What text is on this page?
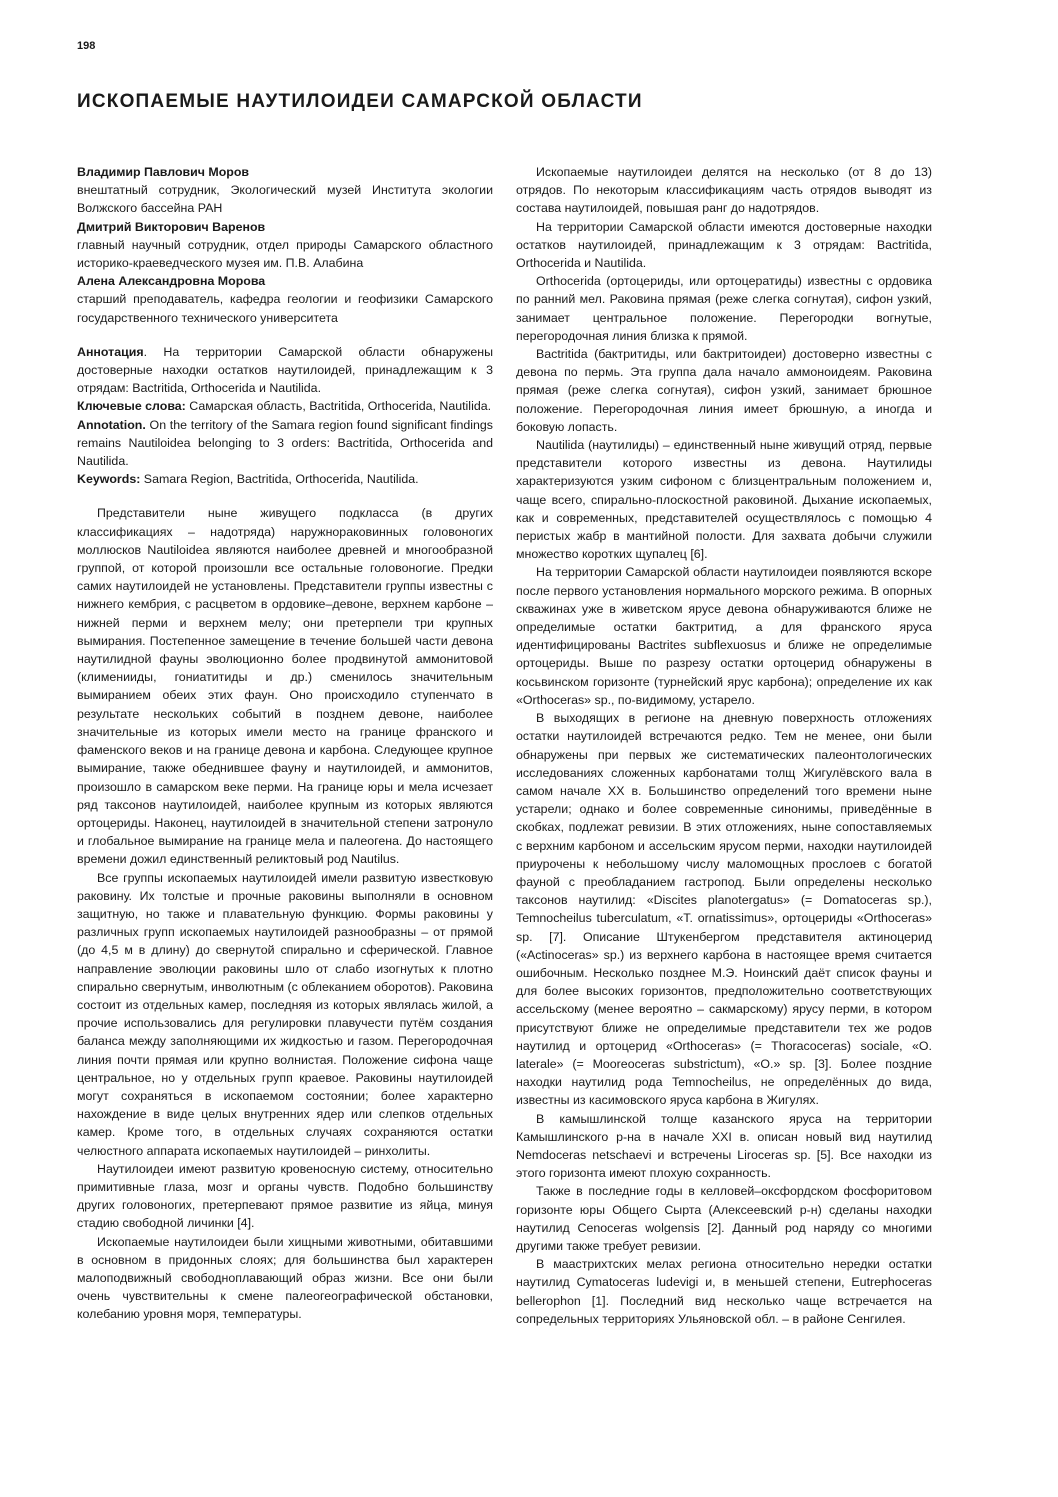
198
ИСКОПАЕМЫЕ НАУТИЛОИДЕИ САМАРСКОЙ ОБЛАСТИ

Владимир Павлович Моров

внештатный сотрудник, Экологический музей Института экологии Волжского бассейна РАН

Дмитрий Викторович Варенов

главный научный сотрудник, отдел природы Самарского областного историко-краеведческого музея им. П.В. Алабина

Алена Александровна Морова

старший преподаватель, кафедра геологии и геофизики Самарского государственного технического университета

Аннотация. На территории Самарской области обнаружены достоверные находки остатков наутилоидей, принадлежащим к 3 отрядам: Bactritida, Orthocerida и Nautilida.

Ключевые слова: Самарская область, Bactritida, Orthocerida, Nautilida.

Annotation. On the territory of the Samara region found significant findings remains Nautiloidea belonging to 3 orders: Bactritida, Orthocerida and Nautilida.

Keywords: Samara Region, Bactritida, Orthocerida, Nautilida.

Представители ныне живущего подкласса (в других классификациях – надотряда) наружнораковинных головоногих моллюсков Nautiloidea являются наиболее древней и многообразной группой, от которой произошли все остальные головоногие. Предки самих наутилоидей не установлены. Представители группы известны с нижнего кембрия, с расцветом в ордовике–девоне, верхнем карбоне – нижней перми и верхнем мелу; они претерпели три крупных вымирания. Постепенное замещение в течение большей части девона наутилидной фауны эволюционно более продвинутой аммонитовой (клименииды, гониатитиды и др.) сменилось значительным вымиранием обеих этих фаун. Оно происходило ступенчато в результате нескольких событий в позднем девоне, наиболее значительные из которых имели место на границе франского и фаменского веков и на границе девона и карбона. Следующее крупное вымирание, также обеднившее фауну и наутилоидей, и аммонитов, произошло в самарском веке перми. На границе юры и мела исчезает ряд таксонов наутилоидей, наиболее крупным из которых являются ортоцериды. Наконец, наутилоидей в значительной степени затронуло и глобальное вымирание на границе мела и палеогена. До настоящего времени дожил единственный реликтовый род Nautilus.

Все группы ископаемых наутилоидей имели развитую известковую раковину. Их толстые и прочные раковины выполняли в основном защитную, но также и плавательную функцию. Формы раковины у различных групп ископаемых наутилоидей разнообразны – от прямой (до 4,5 м в длину) до свернутой спирально и сферической. Главное направление эволюции раковины шло от слабо изогнутых к плотно спирально свернутым, инволютным (с облеканием оборотов). Раковина состоит из отдельных камер, последняя из которых являлась жилой, а прочие использовались для регулировки плавучести путём создания баланса между заполняющими их жидкостью и газом. Перегородочная линия почти прямая или крупно волнистая. Положение сифона чаще центральное, но у отдельных групп краевое. Раковины наутилоидей могут сохраняться в ископаемом состоянии; более характерно нахождение в виде целых внутренних ядер или слепков отдельных камер. Кроме того, в отдельных случаях сохраняются остатки челюстного аппарата ископаемых наутилоидей – ринхолиты.

Наутилоидеи имеют развитую кровеносную систему, относительно примитивные глаза, мозг и органы чувств. Подобно большинству других головоногих, претерпевают прямое развитие из яйца, минуя стадию свободной личинки [4].

Ископаемые наутилоидеи были хищными животными, обитавшими в основном в придонных слоях; для большинства был характерен малоподвижный свободноплавающий образ жизни. Все они были очень чувствительны к смене палеогеографической обстановки, колебанию уровня моря, температуры.

Ископаемые наутилоидеи делятся на несколько (от 8 до 13) отрядов. По некоторым классификациям часть отрядов выводят из состава наутилоидей, повышая ранг до надотрядов.

На территории Самарской области имеются достоверные находки остатков наутилоидей, принадлежащим к 3 отрядам: Bactritida, Orthocerida и Nautilida.

Orthocerida (ортоцериды, или ортоцератиды) известны с ордовика по ранний мел. Раковина прямая (реже слегка согнутая), сифон узкий, занимает центральное положение. Перегородки вогнутые, перегородочная линия близка к прямой.

Bactritida (бактритиды, или бактритоидеи) достоверно известны с девона по пермь. Эта группа дала начало аммоноидеям. Раковина прямая (реже слегка согнутая), сифон узкий, занимает брюшное положение. Перегородочная линия имеет брюшную, а иногда и боковую лопасть.

Nautilida (наутилиды) – единственный ныне живущий отряд, первые представители которого известны из девона. Наутилиды характеризуются узким сифоном с близцентральным положением и, чаще всего, спирально-плоскостной раковиной. Дыхание ископаемых, как и современных, представителей осуществлялось с помощью 4 перистых жабр в мантийной полости. Для захвата добычи служили множество коротких щупалец [6].

На территории Самарской области наутилоидеи появляются вскоре после первого установления нормального морского режима. В опорных скважинах уже в живетском ярусе девона обнаруживаются ближе не определимые остатки бактритид, а для франского яруса идентифицированы Bactrites subflexuosus и ближе не определимые ортоцериды. Выше по разрезу остатки ортоцерид обнаружены в косьвинском горизонте (турнейский ярус карбона); определение их как «Orthoceras» sp., по-видимому, устарело.

В выходящих в регионе на дневную поверхность отложениях остатки наутилоидей встречаются редко. Тем не менее, они были обнаружены при первых же систематических палеонтологических исследованиях сложенных карбонатами толщ Жигулёвского вала в самом начале XX в. Большинство определений того времени ныне устарели; однако и более современные синонимы, приведённые в скобках, подлежат ревизии. В этих отложениях, ныне сопоставляемых с верхним карбоном и ассельским ярусом перми, находки наутилоидей приурочены к небольшому числу маломощных прослоев с богатой фауной с преобладанием гастропод. Были определены несколько таксонов наутилид: «Discites planotergatus» (= Domatoceras sp.), Temnocheilus tuberculatum, «T. ornatissimus», ортоцериды «Orthoceras» sp. [7]. Описание Штукенбергом представителя актиноцерид («Actinoceras» sp.) из верхнего карбона в настоящее время считается ошибочным. Несколько позднее М.Э. Ноинский даёт список фауны и для более высоких горизонтов, предположительно соответствующих ассельскому (менее вероятно – сакмарскому) ярусу перми, в котором присутствуют ближе не определимые представители тех же родов наутилид и ортоцерид «Orthoceras» (= Thoracoceras) sociale, «O. laterale» (= Mooreoceras substrictum), «O.» sp. [3]. Более поздние находки наутилид рода Temnocheilus, не определённых до вида, известны из касимовского яруса карбона в Жигулях.

В камышлинской толще казанского яруса на территории Камышлинского р-на в начале XXI в. описан новый вид наутилид Nemdoceras netschaevi и встречены Liroceras sp. [5]. Все находки из этого горизонта имеют плохую сохранность.

Также в последние годы в келловей–оксфордском фосфоритовом горизонте юры Общего Сырта (Алексеевский р-н) сделаны находки наутилид Cenoceras wolgensis [2]. Данный род наряду со многими другими также требует ревизии.

В маастрихтских мелах региона относительно нередки остатки наутилид Cymatoceras ludevigi и, в меньшей степени, Eutrephoceras bellerophon [1]. Последний вид несколько чаще встречается на сопредельных территориях Ульяновской обл. – в районе Сенгилея.
